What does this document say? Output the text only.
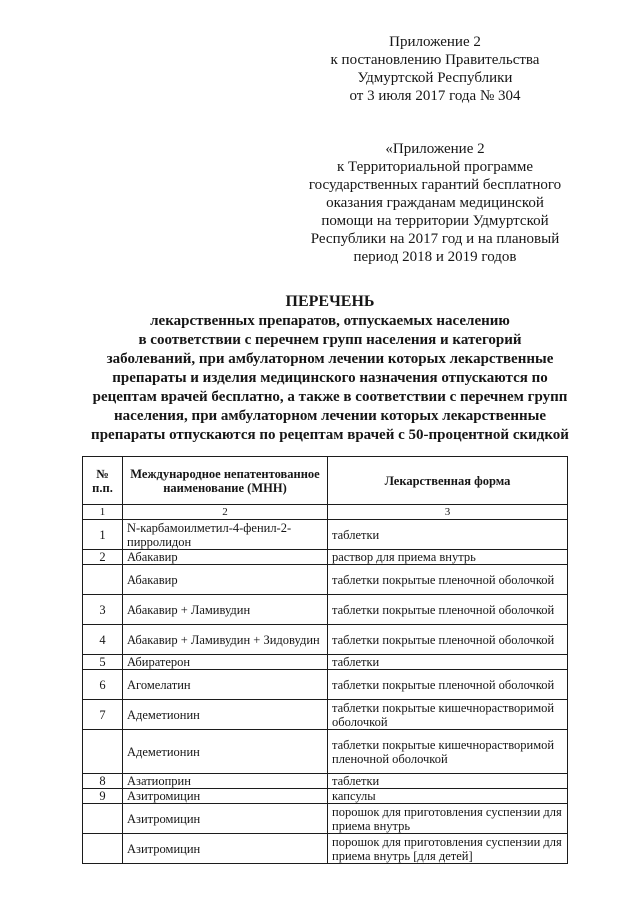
Приложение 2
к постановлению Правительства
Удмуртской Республики
от 3 июля 2017 года № 304
«Приложение 2
к Территориальной программе
государственных гарантий бесплатного
оказания гражданам медицинской
помощи на территории Удмуртской
Республики на 2017 год и на плановый
период 2018 и 2019 годов
ПЕРЕЧЕНЬ
лекарственных препаратов, отпускаемых населению
в соответствии с перечнем групп населения и категорий
заболеваний, при амбулаторном лечении которых лекарственные
препараты и изделия медицинского назначения отпускаются по
рецептам врачей бесплатно, а также в соответствии с перечнем групп
населения, при амбулаторном лечении которых лекарственные
препараты отпускаются по рецептам врачей с 50-процентной скидкой
№ п.п.	Международное непатентованное наименование (МНН)	Лекарственная форма
1	2	3
1	N-карбамоилметил-4-фенил-2-пирролидон	таблетки
2	Абакавир	раствор для приема внутрь
	Абакавир	таблетки покрытые пленочной оболочкой
3	Абакавир + Ламивудин	таблетки покрытые пленочной оболочкой
4	Абакавир + Ламивудин + Зидовудин	таблетки покрытые пленочной оболочкой
5	Абиратерон	таблетки
6	Агомелатин	таблетки покрытые пленочной оболочкой
7	Адеметионин	таблетки покрытые кишечнорастворимой оболочкой
	Адеметионин	таблетки покрытые кишечнорастворимой пленочной оболочкой
8	Азатиоприн	таблетки
9	Азитромицин	капсулы
	Азитромицин	порошок для приготовления суспензии для приема внутрь
	Азитромицин	порошок для приготовления суспензии для приема внутрь [для детей]
